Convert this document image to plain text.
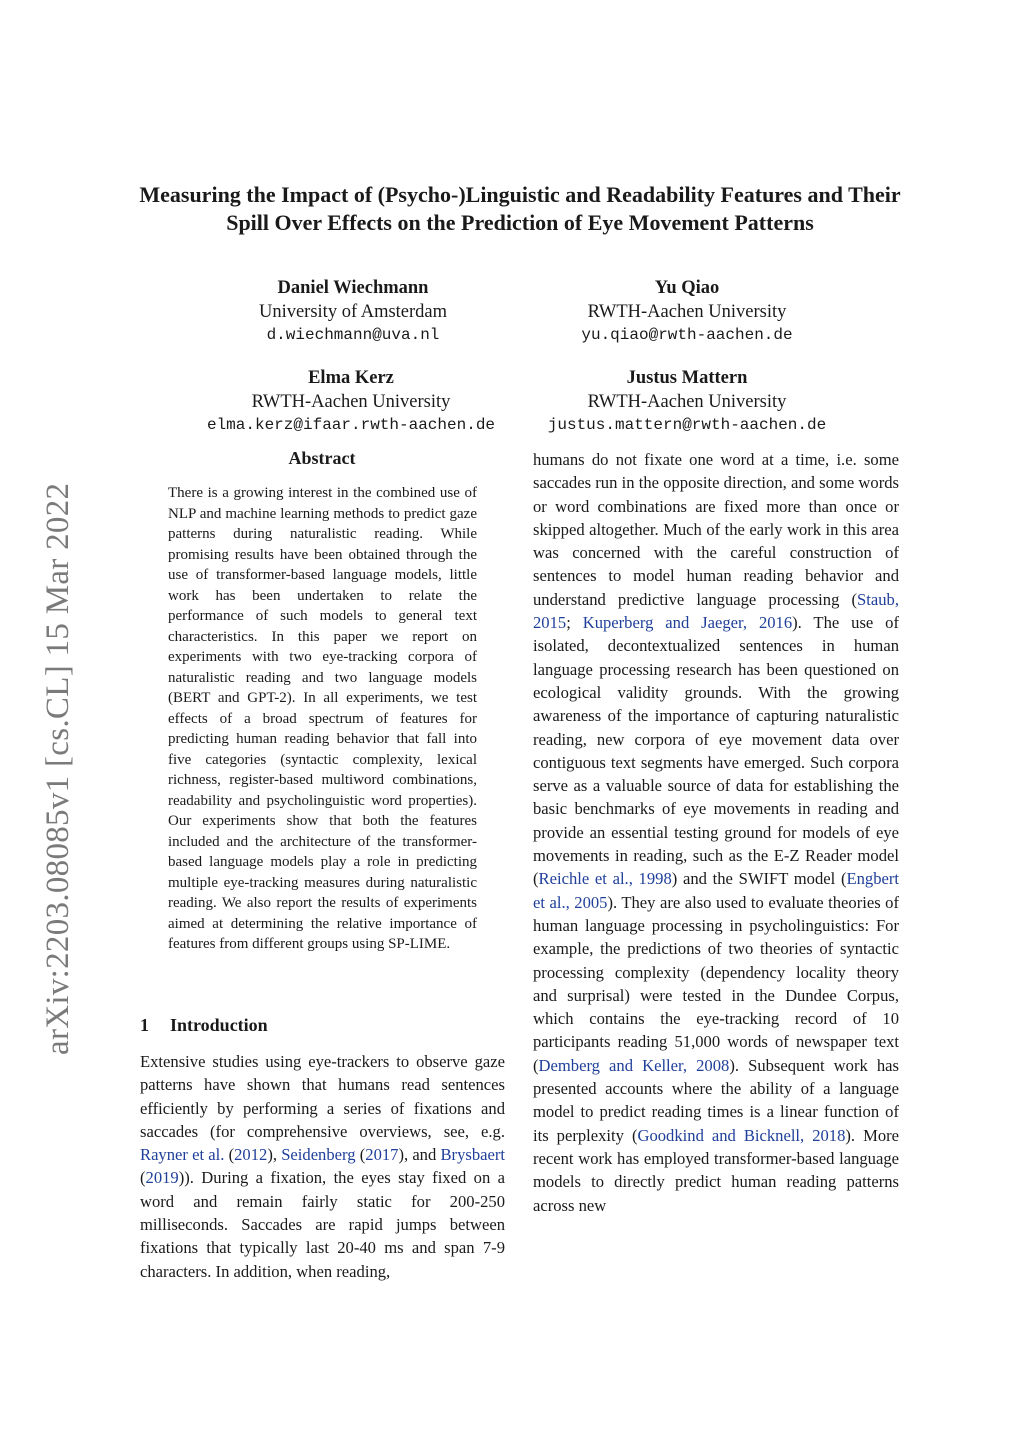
Measuring the Impact of (Psycho-)Linguistic and Readability Features and Their Spill Over Effects on the Prediction of Eye Movement Patterns
Daniel Wiechmann
University of Amsterdam
d.wiechmann@uva.nl
Yu Qiao
RWTH-Aachen University
yu.qiao@rwth-aachen.de
Elma Kerz
RWTH-Aachen University
elma.kerz@ifaar.rwth-aachen.de
Justus Mattern
RWTH-Aachen University
justus.mattern@rwth-aachen.de
arXiv:2203.08085v1 [cs.CL] 15 Mar 2022
Abstract
There is a growing interest in the combined use of NLP and machine learning methods to predict gaze patterns during naturalistic reading. While promising results have been obtained through the use of transformer-based language models, little work has been undertaken to relate the performance of such models to general text characteristics. In this paper we report on experiments with two eye-tracking corpora of naturalistic reading and two language models (BERT and GPT-2). In all experiments, we test effects of a broad spectrum of features for predicting human reading behavior that fall into five categories (syntactic complexity, lexical richness, register-based multiword combinations, readability and psycholinguistic word properties). Our experiments show that both the features included and the architecture of the transformer-based language models play a role in predicting multiple eye-tracking measures during naturalistic reading. We also report the results of experiments aimed at determining the relative importance of features from different groups using SP-LIME.
1 Introduction

Extensive studies using eye-trackers to observe gaze patterns have shown that humans read sentences efficiently by performing a series of fixations and saccades (for comprehensive overviews, see, e.g. Rayner et al. (2012), Seidenberg (2017), and Brysbaert (2019)). During a fixation, the eyes stay fixed on a word and remain fairly static for 200-250 milliseconds. Saccades are rapid jumps between fixations that typically last 20-40 ms and span 7-9 characters. In addition, when reading,

humans do not fixate one word at a time, i.e. some saccades run in the opposite direction, and some words or word combinations are fixed more than once or skipped altogether. Much of the early work in this area was concerned with the careful construction of sentences to model human reading behavior and understand predictive language processing (Staub, 2015; Kuperberg and Jaeger, 2016). The use of isolated, decontextualized sentences in human language processing research has been questioned on ecological validity grounds. With the growing awareness of the importance of capturing naturalistic reading, new corpora of eye movement data over contiguous text segments have emerged. Such corpora serve as a valuable source of data for establishing the basic benchmarks of eye movements in reading and provide an essential testing ground for models of eye movements in reading, such as the E-Z Reader model (Reichle et al., 1998) and the SWIFT model (Engbert et al., 2005). They are also used to evaluate theories of human language processing in psycholinguistics: For example, the predictions of two theories of syntactic processing complexity (dependency locality theory and surprisal) were tested in the Dundee Corpus, which contains the eye-tracking record of 10 participants reading 51,000 words of newspaper text (Demberg and Keller, 2008). Subsequent work has presented accounts where the ability of a language model to predict reading times is a linear function of its perplexity (Goodkind and Bicknell, 2018). More recent work has employed transformer-based language models to directly predict human reading patterns across new
